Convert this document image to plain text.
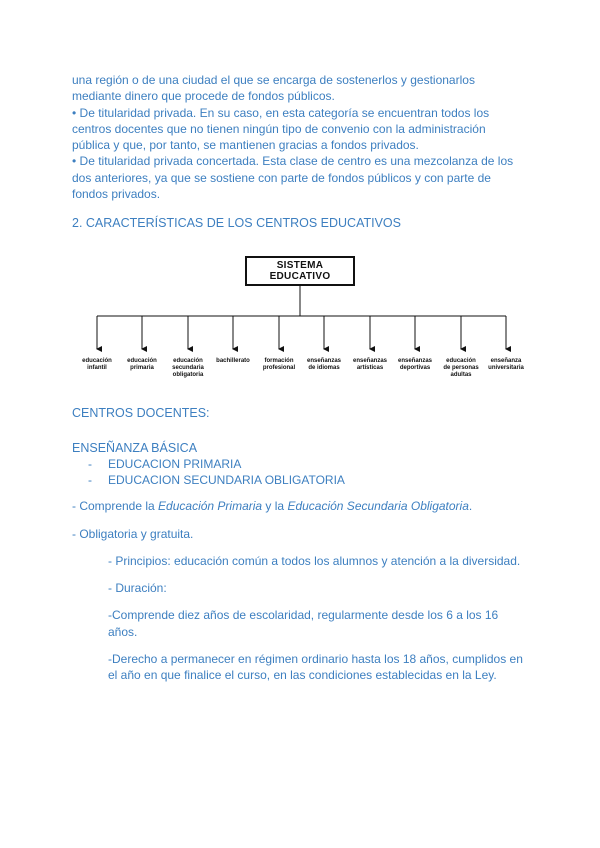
una región o de una ciudad el que se encarga de sostenerlos y gestionarlos
mediante dinero que procede de fondos públicos.
• De titularidad privada. En su caso, en esta categoría se encuentran todos los
centros docentes que no tienen ningún tipo de convenio con la administración
pública y que, por tanto, se mantienen gracias a fondos privados.
• De titularidad privada concertada. Esta clase de centro es una mezcolanza de los
dos anteriores, ya que se sostiene con parte de fondos públicos y con parte de
fondos privados.

2. CARACTERÍSTICAS DE LOS CENTROS EDUCATIVOS
SISTEMA
EDUCATIVO
educación
infantil
educación
primaria
educación
secundaria
obligatoria
bachillerato	formación
profesional
enseñanzas
de idiomas
enseñanzas
artísticas
enseñanzas
deportivas
educación
de personas
adultas
enseñanza
universitaria
CENTROS DOCENTES:
ENSEÑANZA BÁSICA
- EDUCACION PRIMARIA
- EDUCACION SECUNDARIA OBLIGATORIA
- Comprende la Educación Primaria y la Educación Secundaria Obligatoria.
- Obligatoria y gratuita.
- Principios: educación común a todos los alumnos y atención a la diversidad.
- Duración:
-Comprende diez años de escolaridad, regularmente desde los 6 a los 16
años.
-Derecho a permanecer en régimen ordinario hasta los 18 años, cumplidos en
el año en que finalice el curso, en las condiciones establecidas en la Ley.
